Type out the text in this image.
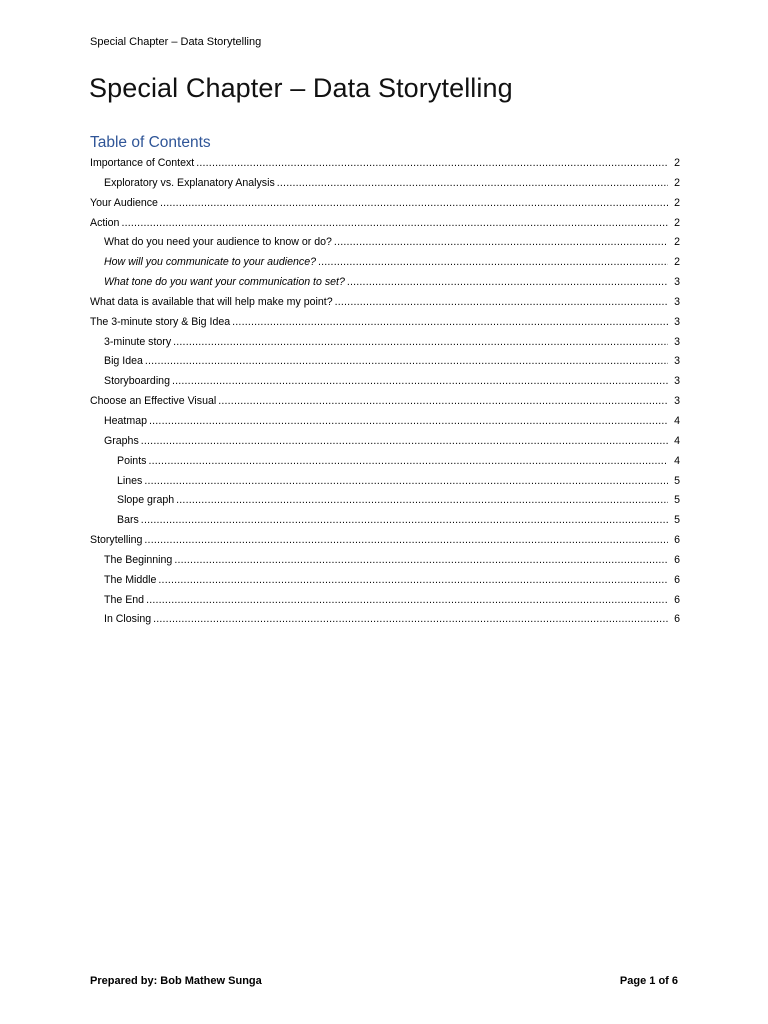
Special Chapter – Data Storytelling
Special Chapter – Data Storytelling
Table of Contents
Importance of Context .....	2
Exploratory vs. Explanatory Analysis .....	2
Your Audience .....	2
Action .....	2
What do you need your audience to know or do? .....	2
How will you communicate to your audience? .....	2
What tone do you want your communication to set? .....	3
What data is available that will help make my point? .....	3
The 3-minute story & Big Idea .....	3
3-minute story .....	3
Big Idea .....	3
Storyboarding .....	3
Choose an Effective Visual .....	3
Heatmap .....	4
Graphs .....	4
Points .....	4
Lines .....	5
Slope graph .....	5
Bars .....	5
Storytelling .....	6
The Beginning .....	6
The Middle .....	6
The End .....	6
In Closing .....	6
Prepared by: Bob Mathew Sunga	Page 1 of 6
